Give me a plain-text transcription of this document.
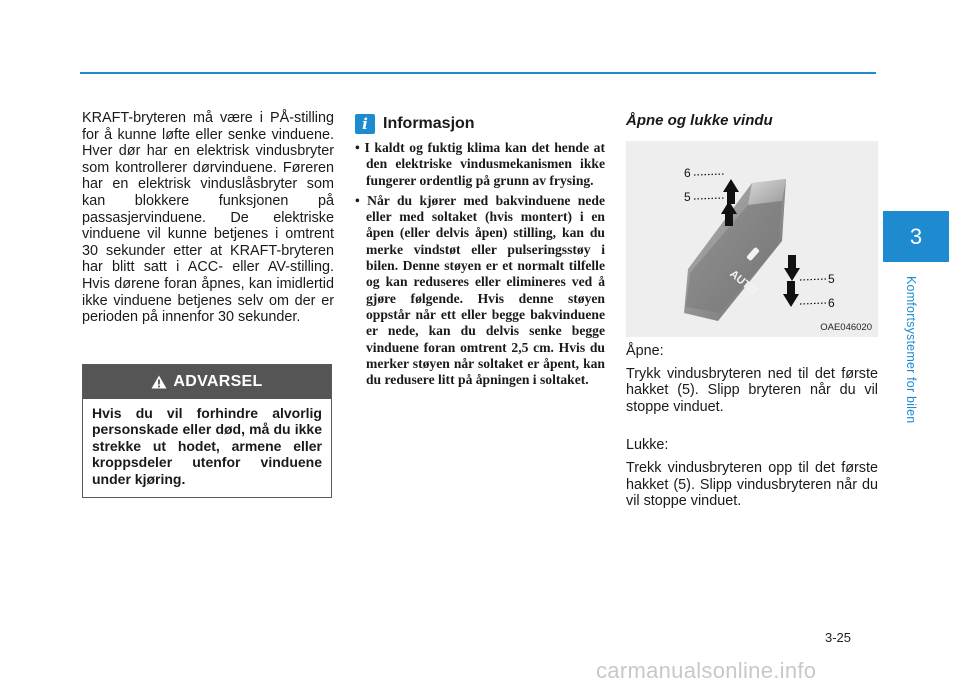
KRAFT-bryteren må være i PÅ-stilling for å kunne løfte eller senke vinduene. Hver dør har en elektrisk vindusbryter som kontrollerer dørvinduene. Føreren har en elektrisk vinduslåsbryter som kan blokkere funksjonen på passasjervinduene. De elektriske vinduene vil kunne betjenes i omtrent 30 sekunder etter at KRAFT-bryteren har blitt satt i ACC- eller AV-stilling. Hvis dørene foran åpnes, kan imidlertid ikke vinduene betjenes selv om der er perioden på innenfor 30 sekunder.

ADVARSEL
Hvis du vil forhindre alvorlig personskade eller død, må du ikke strekke ut hodet, armene eller kroppsdeler utenfor vinduene under kjøring.
i Informasjon
• I kaldt og fuktig klima kan det hende at den elektriske vindusmekanismen ikke fungerer ordentlig på grunn av frysing.
• Når du kjører med bakvinduene nede eller med soltaket (hvis montert) i en åpen (eller delvis åpen) stilling, kan du merke vindstøt eller pulseringsstøy i bilen. Denne støyen er et normalt tilfelle og kan reduseres eller elimineres ved å gjøre følgende. Hvis denne støyen oppstår når ett eller begge bakvinduene er nede, kan du delvis senke begge vinduene foran omtrent 2,5 cm. Hvis du merker støyen når soltaket er åpent, kan du redusere litt på åpningen i soltaket.
Åpne og lukke vindu
AUTO
6
5
5
6
OAE046020

Åpne:

Trykk vindusbryteren ned til det første hakket (5). Slipp bryteren når du vil stoppe vinduet.

Lukke:

Trekk vindusbryteren opp til det første hakket (5). Slipp vindusbryteren når du vil stoppe vinduet.

3
Komfortsystemer for bilen
3-25
carmanualsonline.info
